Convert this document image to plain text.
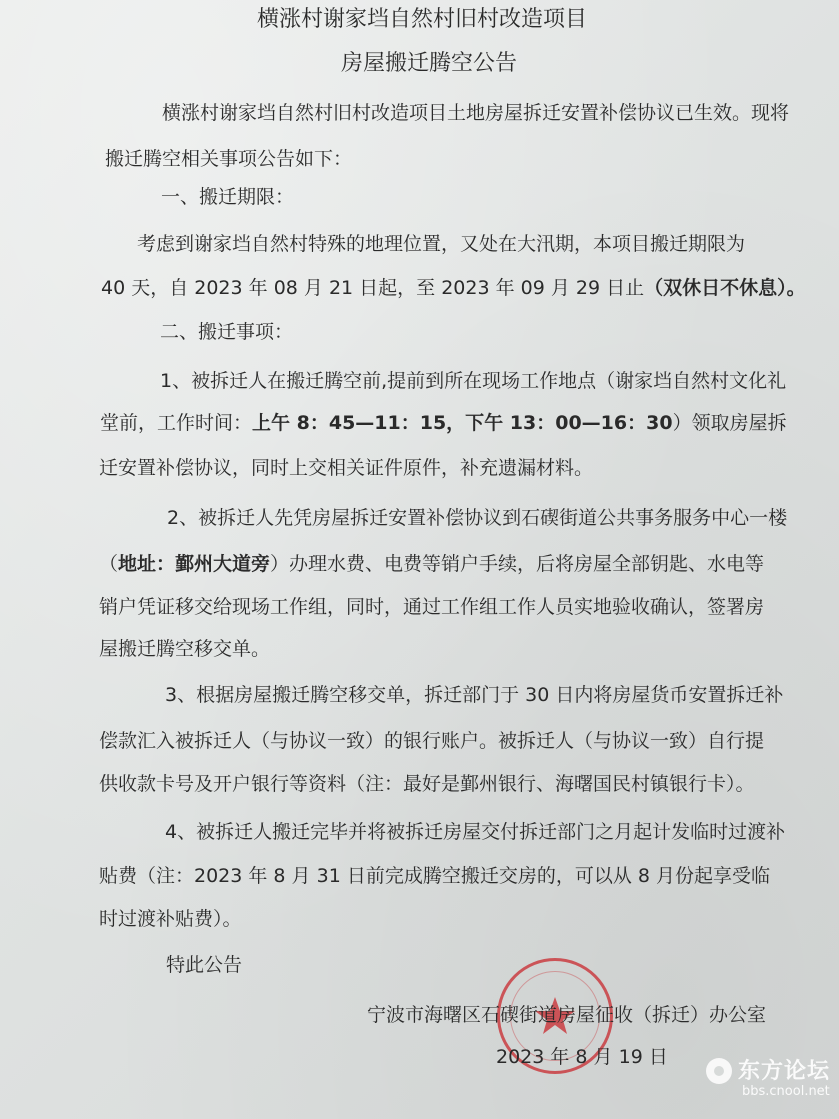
横涨村谢家垱自然村旧村改造项目
房屋搬迁腾空公告
横涨村谢家垱自然村旧村改造项目土地房屋拆迁安置补偿协议已生效。现将
搬迁腾空相关事项公告如下：
一、搬迁期限：
考虑到谢家垱自然村特殊的地理位置，又处在大汛期，本项目搬迁期限为
40 天，自 2023 年 08 月 21 日起，至 2023 年 09 月 29 日止（双休日不休息）。
二、搬迁事项：
1、被拆迁人在搬迁腾空前,提前到所在现场工作地点（谢家垱自然村文化礼
堂前，工作时间：上午 8：45—11：15，下午 13：00—16：30）领取房屋拆
迁安置补偿协议，同时上交相关证件原件，补充遗漏材料。
2、被拆迁人先凭房屋拆迁安置补偿协议到石碶街道公共事务服务中心一楼
（地址：鄞州大道旁）办理水费、电费等销户手续，后将房屋全部钥匙、水电等
销户凭证移交给现场工作组，同时，通过工作组工作人员实地验收确认，签署房
屋搬迁腾空移交单。
3、根据房屋搬迁腾空移交单，拆迁部门于 30 日内将房屋货币安置拆迁补
偿款汇入被拆迁人（与协议一致）的银行账户。被拆迁人（与协议一致）自行提
供收款卡号及开户银行等资料（注：最好是鄞州银行、海曙国民村镇银行卡）。
4、被拆迁人搬迁完毕并将被拆迁房屋交付拆迁部门之月起计发临时过渡补
贴费（注：2023 年 8 月 31 日前完成腾空搬迁交房的，可以从 8 月份起享受临
时过渡补贴费）。
特此公告
宁波市海曙区石碶街道房屋征收（拆迁）办公室
2023 年 8 月 19 日
东方论坛
bbs.cnool.net
